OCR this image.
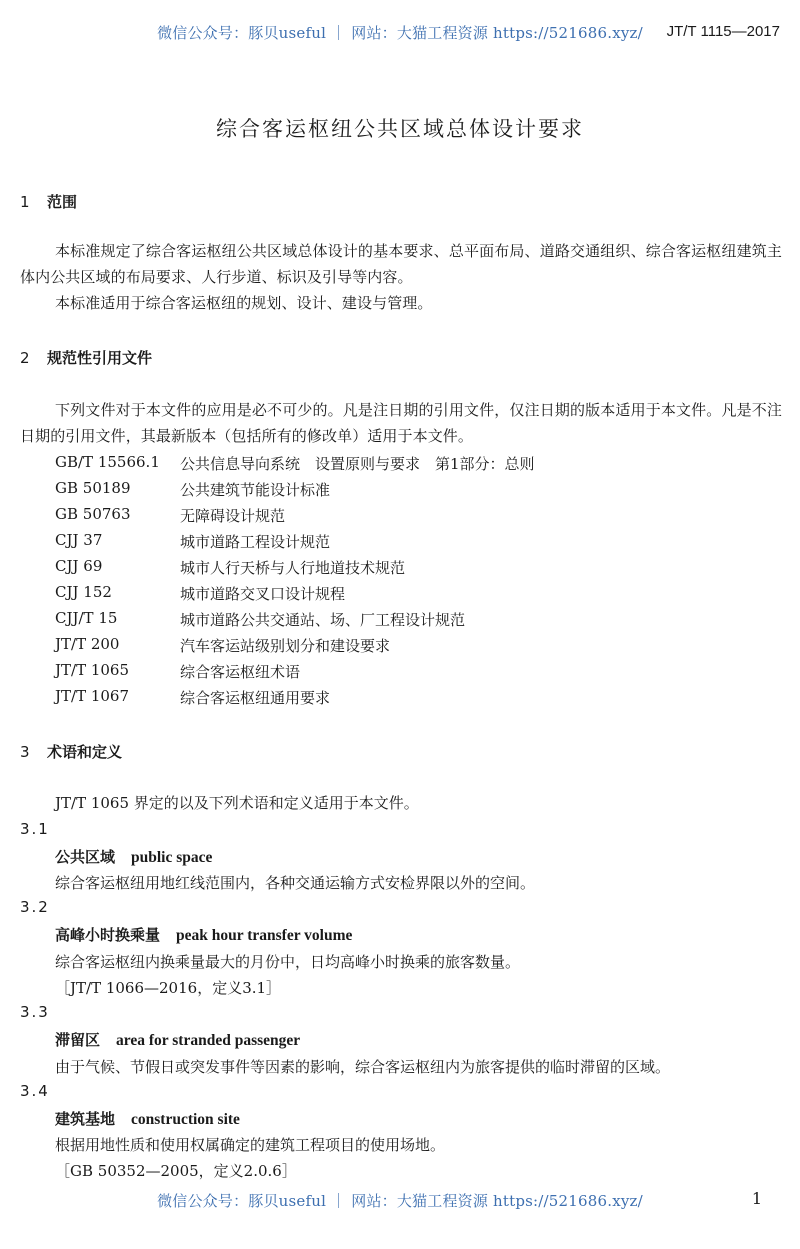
微信公众号：豚贝useful ｜ 网站：大猫工程资源 https://521686.xyz/	JT/T 1115—2017
综合客运枢纽公共区域总体设计要求
1 范围
本标准规定了综合客运枢纽公共区域总体设计的基本要求、总平面布局、道路交通组织、综合客运枢纽建筑主体内公共区域的布局要求、人行步道、标识及引导等内容。
本标准适用于综合客运枢纽的规划、设计、建设与管理。
2 规范性引用文件
下列文件对于本文件的应用是必不可少的。凡是注日期的引用文件，仅注日期的版本适用于本文件。凡是不注日期的引用文件，其最新版本（包括所有的修改单）适用于本文件。
GB/T 15566.1 公共信息导向系统　设置原则与要求　第1部分：总则
GB 50189	公共建筑节能设计标准
GB 50763	无障碍设计规范
CJJ 37	城市道路工程设计规范
CJJ 69	城市人行天桥与人行地道技术规范
CJJ 152	城市道路交叉口设计规程
CJJ/T 15	城市道路公共交通站、场、厂工程设计规范
JT/T 200	汽车客运站级别划分和建设要求
JT/T 1065	综合客运枢纽术语
JT/T 1067	综合客运枢纽通用要求
3 术语和定义
JT/T 1065 界定的以及下列术语和定义适用于本文件。
3.1
公共区域 public space
综合客运枢纽用地红线范围内，各种交通运输方式安检界限以外的空间。
3.2
高峰小时换乘量 peak hour transfer volume
综合客运枢纽内换乘量最大的月份中，日均高峰小时换乘的旅客数量。
［JT/T 1066—2016，定义3.1］
3.3
滞留区 area for stranded passenger
由于气候、节假日或突发事件等因素的影响，综合客运枢纽内为旅客提供的临时滞留的区域。
3.4
建筑基地 construction site
根据用地性质和使用权属确定的建筑工程项目的使用场地。
［GB 50352—2005，定义2.0.6］
微信公众号：豚贝useful ｜ 网站：大猫工程资源 https://521686.xyz/	1
